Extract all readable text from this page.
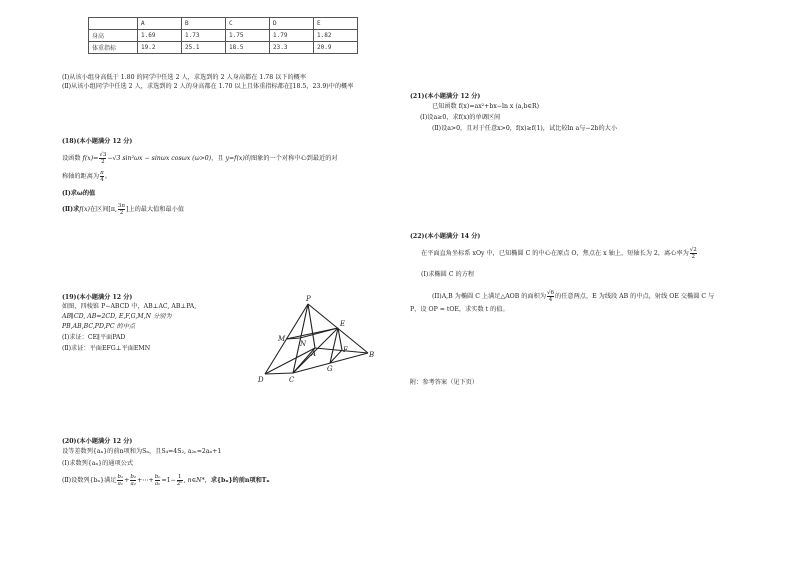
	A	B	C	D	E
身高	1.69	1.73	1.75	1.79	1.82
体重指标	19.2	25.1	18.5	23.3	20.9
(Ⅰ)从该小组身高低于 1.80 的同学中任选 2 人，求选到的 2 人身高都在 1.78 以下的概率
(Ⅱ)从该小组同学中任选 2 人，求选到的 2 人的身高都在 1.70 以上且体重指标都在[18.5，23.9)中的概率
(18)(本小题满分 12 分)
设函数 $f(x)= \frac{√3}{2} -√3$ sin²ωx − sinωx cosωx (ω>0)，且 y=f(x)的图象的一个对称中心到最近的对
称轴的距离为 $\frac{\pi}{4}$ 。
(Ⅰ)求ω的值
(Ⅱ)求f(x)在区间[π, $\frac{3\pi}{2}$ ]上的最大值和最小值
(19)(本小题满分 12 分)
如图，四棱锥 P−ABCD 中，AB⊥AC, AB⊥PA,
AB∥CD, AB=2CD, E,F,G,M,N 分别为
PB,AB,BC,PD,PC 的中点
(Ⅰ)求证：CE∥平面PAD
(Ⅱ)求证：平面EFG⊥平面EMN
P
M
E
N
A	F
B
G
D	C
(20)(本小题满分 12 分)
设等差数列{aₙ}的前n项和为Sₙ，且S₄=4S₂, a₂ₙ=2aₙ+1
(Ⅰ)求数列{aₙ}的通项公式
(Ⅱ)设数列{bₙ}满足 $\frac{\text{b₁}}{\text{a₁}} + \frac{\text{b₂}}{\text{a₂}}$ +⋯+ $\frac{\text{bₙ}}{\text{aₙ}} =1- \frac{1}{\text{2ⁿ}}$ , n∈N*，求{bₙ}的前n项和Tₙ
(21)(本小题满分 12 分)
已知函数 f(x)=ax²+bx−ln x (a,b∈R)
(Ⅰ)设a≥0，求f(x)的单调区间
(Ⅱ)设a>0，且对于任意x>0，f(x)≥f(1)，试比较ln a与−2b的大小
(22)(本小题满分 14 分)
在平面直角坐标系 xOy 中，已知椭圆 C 的中心在原点 O，焦点在 x 轴上，短轴长为 2，离心率为 $\frac{√2}{2}$
(I)求椭圆 C 的方程
(II)A,B 为椭圆 C 上满足△AOB 的面积为 $\frac{√6}{4}$ 的任意两点，E 为线段 AB 的中点，射线 OE 交椭圆 C 与
P，设 OP = tOE，求实数 t 的值。
附：参考答案（见下页）
